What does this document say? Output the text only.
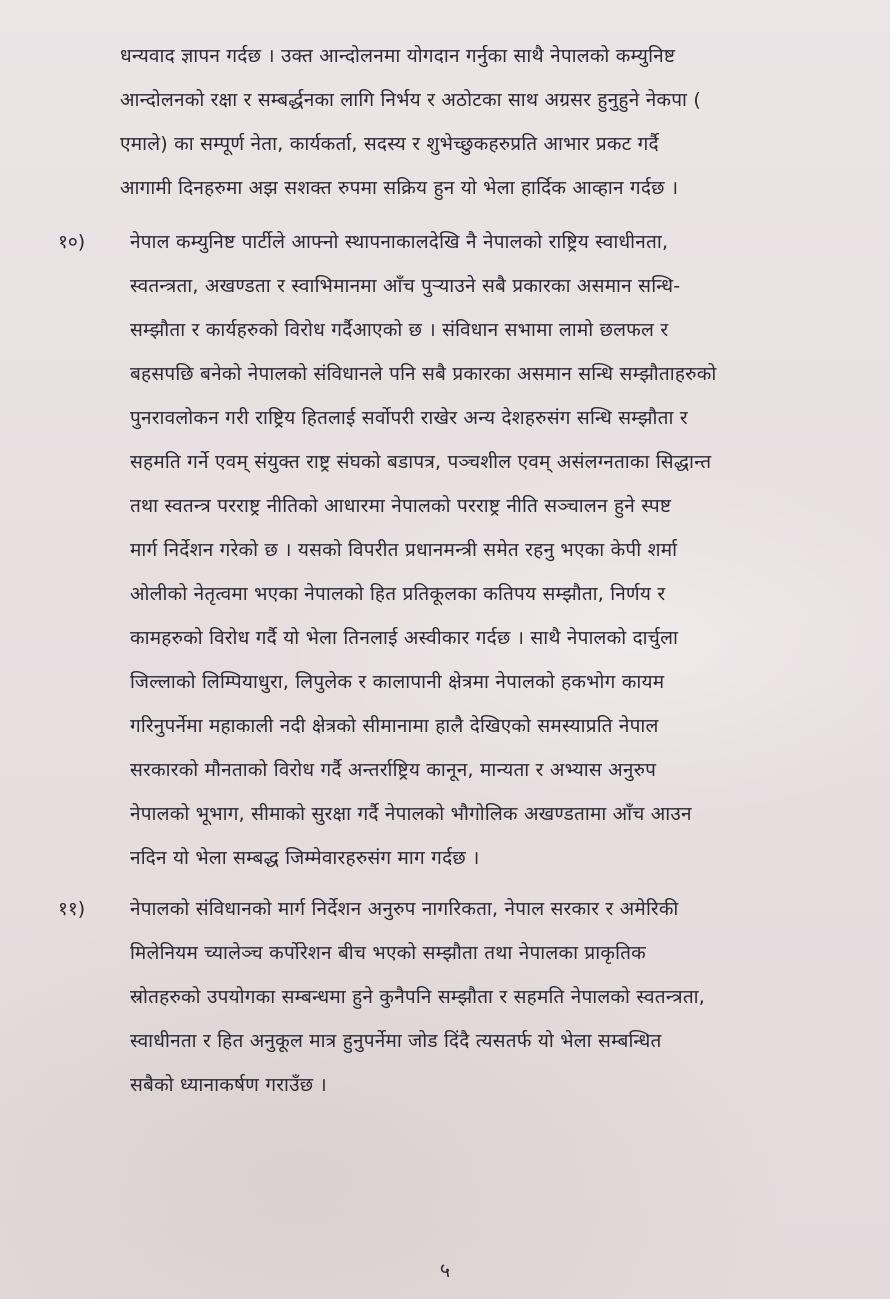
धन्यवाद ज्ञापन गर्दछ । उक्त आन्दोलनमा योगदान गर्नुका साथै नेपालको कम्युनिष्ट
आन्दोलनको रक्षा र सम्बर्द्धनका लागि निर्भय र अठोटका साथ अग्रसर हुनुहुने नेकपा (
एमाले) का सम्पूर्ण नेता, कार्यकर्ता, सदस्य र शुभेच्छुकहरुप्रति आभार प्रकट गर्दै
आगामी दिनहरुमा अझ सशक्त रुपमा सक्रिय हुन यो भेला हार्दिक आव्हान गर्दछ ।
१०) नेपाल कम्युनिष्ट पार्टीले आफ्नो स्थापनाकालदेखि नै नेपालको राष्ट्रिय स्वाधीनता,
स्वतन्त्रता, अखण्डता र स्वाभिमानमा आँच पुऱ्याउने सबै प्रकारका असमान सन्धि-
सम्झौता र कार्यहरुको विरोध गर्दैआएको छ । संविधान सभामा लामो छलफल र
बहसपछि बनेको नेपालको संविधानले पनि सबै प्रकारका असमान सन्धि सम्झौताहरुको
पुनरावलोकन गरी राष्ट्रिय हितलाई सर्वोपरी राखेर अन्य देशहरुसंग सन्धि सम्झौता र
सहमति गर्ने एवम् संयुक्त राष्ट्र संघको बडापत्र, पञ्चशील एवम् असंलग्नताका सिद्धान्त
तथा स्वतन्त्र परराष्ट्र नीतिको आधारमा नेपालको परराष्ट्र नीति सञ्चालन हुने स्पष्ट
मार्ग निर्देशन गरेको छ । यसको विपरीत प्रधानमन्त्री समेत रहनु भएका केपी शर्मा
ओलीको नेतृत्वमा भएका नेपालको हित प्रतिकूलका कतिपय सम्झौता, निर्णय र
कामहरुको विरोध गर्दै यो भेला तिनलाई अस्वीकार गर्दछ । साथै नेपालको दार्चुला
जिल्लाको लिम्पियाधुरा, लिपुलेक र कालापानी क्षेत्रमा नेपालको हकभोग कायम
गरिनुपर्नेमा महाकाली नदी क्षेत्रको सीमानामा हालै देखिएको समस्याप्रति नेपाल
सरकारको मौनताको विरोध गर्दै अन्तर्राष्ट्रिय कानून, मान्यता र अभ्यास अनुरुप
नेपालको भूभाग, सीमाको सुरक्षा गर्दै नेपालको भौगोलिक अखण्डतामा आँच आउन
नदिन यो भेला सम्बद्ध जिम्मेवारहरुसंग माग गर्दछ ।
११) नेपालको संविधानको मार्ग निर्देशन अनुरुप नागरिकता, नेपाल सरकार र अमेरिकी
मिलेनियम च्यालेञ्च कर्पोरेशन बीच भएको सम्झौता तथा नेपालका प्राकृतिक
स्रोतहरुको उपयोगका सम्बन्धमा हुने कुनैपनि सम्झौता र सहमति नेपालको स्वतन्त्रता,
स्वाधीनता र हित अनुकूल मात्र हुनुपर्नेमा जोड दिंदै त्यसतर्फ यो भेला सम्बन्धित
सबैको ध्यानाकर्षण गराउँछ ।
५
